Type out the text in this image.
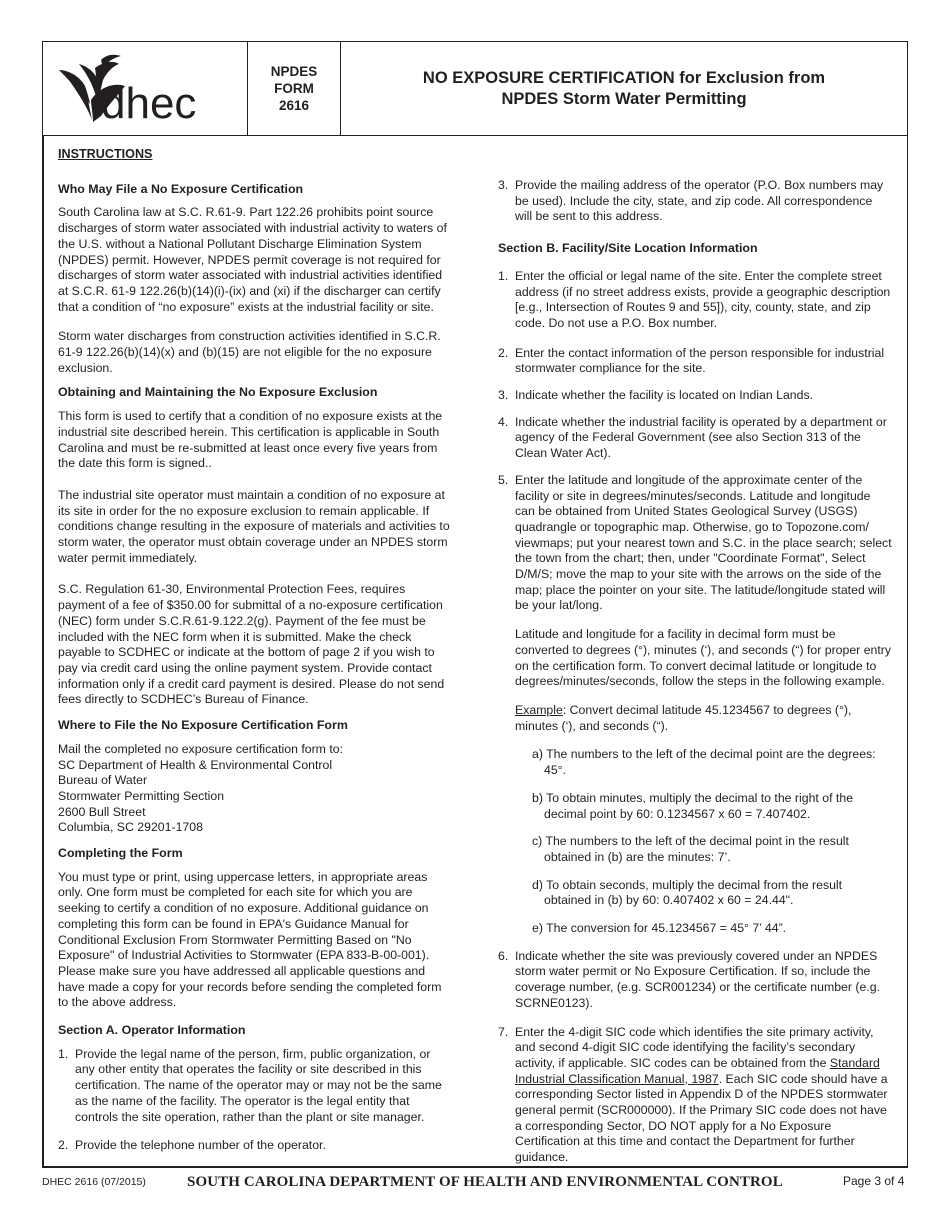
dhec
NPDES
FORM
2616
NO EXPOSURE CERTIFICATION for Exclusion from
NPDES Storm Water Permitting
INSTRUCTIONS
Who May File a No Exposure Certification

South Carolina law at S.C. R.61-9. Part 122.26 prohibits point source discharges of storm water associated with industrial activity to waters of the U.S. without a National Pollutant Discharge Elimination System (NPDES) permit. However, NPDES permit coverage is not required for discharges of storm water associated with industrial activities identified at S.C.R. 61-9 122.26(b)(14)(i)-(ix) and (xi) if the discharger can certify that a condition of “no exposure” exists at the industrial facility or site.

Storm water discharges from construction activities identified in S.C.R. 61-9 122.26(b)(14)(x) and (b)(15) are not eligible for the no exposure exclusion.

Obtaining and Maintaining the No Exposure Exclusion

This form is used to certify that a condition of no exposure exists at the industrial site described herein. This certification is applicable in South Carolina and must be re-submitted at least once every five years from the date this form is signed..

The industrial site operator must maintain a condition of no exposure at its site in order for the no exposure exclusion to remain applicable. If conditions change resulting in the exposure of materials and activities to storm water, the operator must obtain coverage under an NPDES storm water permit immediately.

S.C. Regulation 61-30, Environmental Protection Fees, requires payment of a fee of $350.00 for submittal of a no-exposure certification (NEC) form under S.C.R.61-9.122.2(g). Payment of the fee must be included with the NEC form when it is submitted. Make the check payable to SCDHEC or indicate at the bottom of page 2 if you wish to pay via credit card using the online payment system. Provide contact information only if a credit card payment is desired. Please do not send fees directly to SCDHEC’s Bureau of Finance.

Where to File the No Exposure Certification Form
Mail the completed no exposure certification form to:
SC Department of Health & Environmental Control
Bureau of Water
Stormwater Permitting Section
2600 Bull Street
Columbia, SC 29201-1708
Completing the Form

You must type or print, using uppercase letters, in appropriate areas only. One form must be completed for each site for which you are seeking to certify a condition of no exposure. Additional guidance on completing this form can be found in EPA's Guidance Manual for Conditional Exclusion From Stormwater Permitting Based on "No Exposure" of Industrial Activities to Stormwater (EPA 833-B-00-001). Please make sure you have addressed all applicable questions and have made a copy for your records before sending the completed form to the above address.

Section A. Operator Information
1. Provide the legal name of the person, firm, public organization, or any other entity that operates the facility or site described in this certification. The name of the operator may or may not be the same as the name of the facility. The operator is the legal entity that controls the site operation, rather than the plant or site manager.
2. Provide the telephone number of the operator.
3. Provide the mailing address of the operator (P.O. Box numbers may be used). Include the city, state, and zip code. All correspondence will be sent to this address.
Section B. Facility/Site Location Information
1. Enter the official or legal name of the site. Enter the complete street address (if no street address exists, provide a geographic description [e.g., Intersection of Routes 9 and 55]), city, county, state, and zip code. Do not use a P.O. Box number.
2. Enter the contact information of the person responsible for industrial stormwater compliance for the site.
3. Indicate whether the facility is located on Indian Lands.
4. Indicate whether the industrial facility is operated by a department or agency of the Federal Government (see also Section 313 of the Clean Water Act).
5. Enter the latitude and longitude of the approximate center of the facility or site in degrees/minutes/seconds. Latitude and longitude can be obtained from United States Geological Survey (USGS) quadrangle or topographic map. Otherwise, go to Topozone.com/ viewmaps; put your nearest town and S.C. in the place search; select the town from the chart; then, under "Coordinate Format", Select D/M/S; move the map to your site with the arrows on the side of the map; place the pointer on your site. The latitude/longitude stated will be your lat/long.

Latitude and longitude for a facility in decimal form must be converted to degrees (°), minutes (‘), and seconds (“) for proper entry on the certification form. To convert decimal latitude or longitude to degrees/minutes/seconds, follow the steps in the following example.

Example: Convert decimal latitude 45.1234567 to degrees (°), minutes (‘), and seconds (“).

a) The numbers to the left of the decimal point are the degrees: 45°.

b) To obtain minutes, multiply the decimal to the right of the decimal point by 60: 0.1234567 x 60 = 7.407402.

c) The numbers to the left of the decimal point in the result obtained in (b) are the minutes: 7’.

d) To obtain seconds, multiply the decimal from the result obtained in (b) by 60: 0.407402 x 60 = 24.44".

e) The conversion for 45.1234567 = 45° 7’ 44”.

6. Indicate whether the site was previously covered under an NPDES storm water permit or No Exposure Certification. If so, include the coverage number, (e.g. SCR001234) or the certificate number (e.g. SCRNE0123).
7. Enter the 4-digit SIC code which identifies the site primary activity, and second 4-digit SIC code identifying the facility’s secondary activity, if applicable. SIC codes can be obtained from the Standard Industrial Classification Manual, 1987. Each SIC code should have a corresponding Sector listed in Appendix D of the NPDES stormwater general permit (SCR000000). If the Primary SIC code does not have a corresponding Sector, DO NOT apply for a No Exposure Certification at this time and contact the Department for further guidance.
DHEC 2616 (07/2015)	SOUTH CAROLINA DEPARTMENT OF HEALTH AND ENVIRONMENTAL CONTROL	Page 3 of 4
